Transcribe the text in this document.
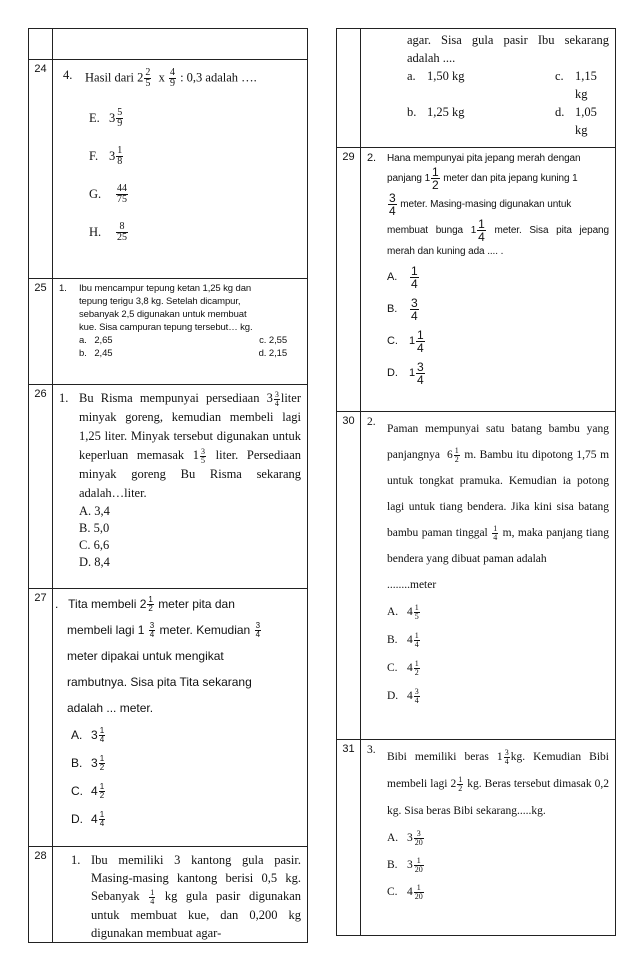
24	4.	Hasil dari $2 \frac{2}{5}$ x $\frac{4}{9}$ : 0,3 adalah ….
E. $3 \frac{5}{9}$
F. $3 \frac{1}{8}$
G.	$\frac{44}{75}$
H.	$\frac{8}{25}$
25	1.	Ibu mencampur tepung ketan 1,25 kg dan
tepung terigu 3,8 kg. Setelah dicampur,
sebanyak 2,5 digunakan untuk membuat
kue. Sisa campuran tepung tersebut… kg.
a. 2,65	c. 2,55
b. 2,45	d. 2,15
26 1. Bu Risma mempunyai persediaan $3 \frac{3}{4}$ liter minyak goreng, kemudian membeli lagi 1,25 liter. Minyak tersebut digunakan untuk keperluan memasak $1 \frac{3}{5}$ liter. Persediaan minyak goreng Bu Risma sekarang adalah…liter.
A. 3,4
B. 5,0
C. 6,6
D. 8,4
27 . Tita membeli $2 \frac{1}{2}$ meter pita dan
membeli lagi $1 \frac{3}{4}$ meter. Kemudian $\frac{3}{4}$
meter dipakai untuk mengikat
rambutnya. Sisa pita Tita sekarang
adalah ... meter.
A. $3 \frac{1}{4}$
B. $3 \frac{1}{2}$
C. $4 \frac{1}{2}$
D. $4 \frac{1}{4}$
28	1. Ibu memiliki 3 kantong gula pasir. Masing-masing kantong berisi 0,5 kg. Sebanyak $\frac{1}{4}$ kg gula pasir digunakan untuk membuat kue, dan 0,200 kg digunakan membuat agar-
agar. Sisa gula pasir Ibu sekarang adalah ....
a. 1,50 kg	c. 1,15 kg
b. 1,25 kg	d. 1,05 kg
29	2.	Hana mempunyai pita jepang merah dengan
panjang $1 \frac{1}{2}$ meter dan pita jepang kuning 1
$\frac{3}{4}$ meter. Masing-masing digunakan untuk
membuat bunga $1 \frac{1}{4}$ meter. Sisa pita jepang merah dan kuning ada .... .
A.	$\frac{1}{4}$
B.	$\frac{3}{4}$
C.	$1 \frac{1}{4}$
D.	$1 \frac{3}{4}$
30	2.
Paman mempunyai satu batang bambu yang panjangnya $6 \frac{1}{2} m$. Bambu itu dipotong 1,75 m untuk tongkat pramuka. Kemudian ia potong lagi untuk tiang bendera. Jika kini sisa batang bambu paman tinggal $\frac{1}{4} m$, maka panjang tiang bendera yang dibuat paman adalah
........meter
A. $4 \frac{1}{5}$
B. $4 \frac{1}{4}$
C. $4 \frac{1}{2}$
D. $4 \frac{3}{4}$
31	3.
Bibi memiliki beras $1 \frac{3}{4}$ kg. Kemudian Bibi membeli lagi $2 \frac{1}{2}$ kg. Beras tersebut dimasak 0,2 kg. Sisa beras Bibi sekarang.....kg.
A. $3 \frac{3}{20}$
B. $3 \frac{1}{20}$
C. $4 \frac{1}{20}$
